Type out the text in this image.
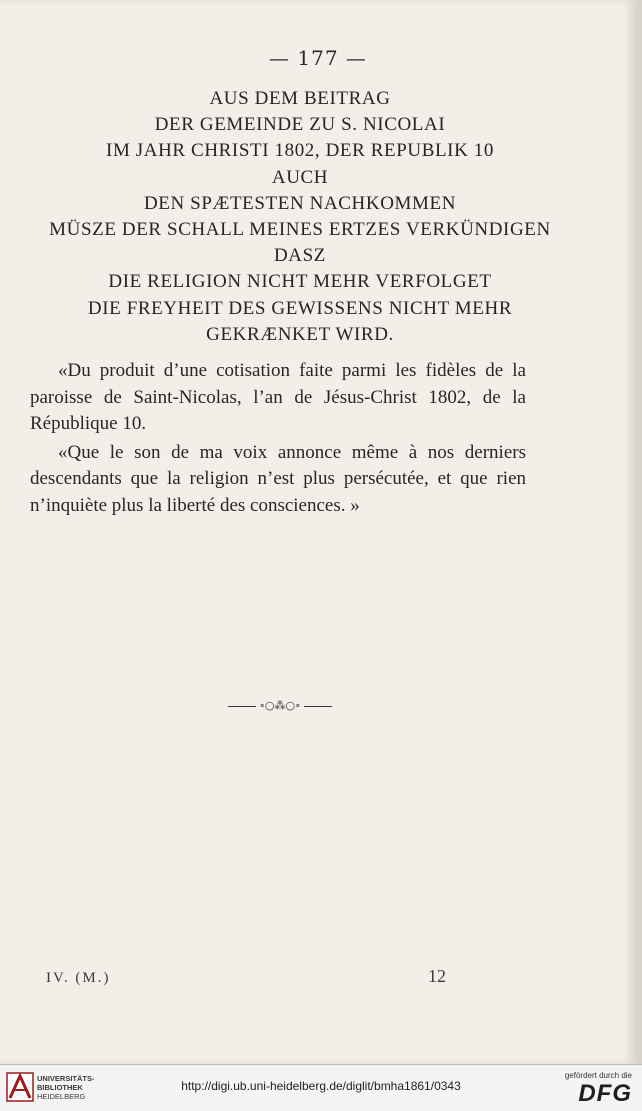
— 177 —
AUS DEM BEITRAG
DER GEMEINDE ZU S. NICOLAI
IM JAHR CHRISTI 1802, DER REPUBLIK 10
AUCH
DEN SPÆTESTEN NACHKOMMEN
MÜSZE DER SCHALL MEINES ERTZES VERKÜNDIGEN
DASZ
DIE RELIGION NICHT MEHR VERFOLGET
DIE FREYHEIT DES GEWISSENS NICHT MEHR
GEKRÆNKET WIRD.

«Du produit d’une cotisation faite parmi les fidèles de la paroisse de Saint-Nicolas, l’an de Jésus-Christ 1802, de la République 10.

«Que le son de ma voix annonce même à nos derniers descendants que la religion n’est plus persécutée, et que rien n’inquiète plus la liberté des consciences. »

∘○⁂○∘
IV. (M.)	12
UNIVERSITÄTS-
BIBLIOTHEK
HEIDELBERG
http://digi.ub.uni-heidelberg.de/diglit/bmha1861/0343
gefördert durch die
DFG
